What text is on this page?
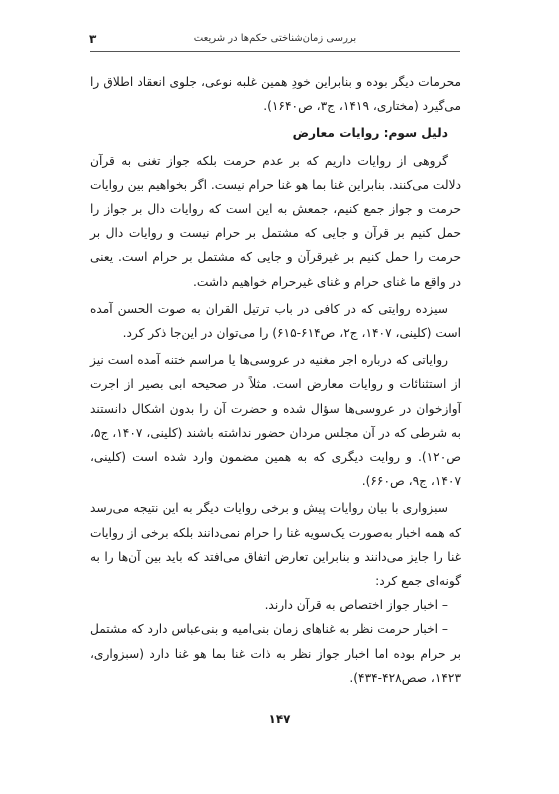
۳	بررسی زمان‌شناختی حکم‌ها در شریعت

محرمات دیگر بوده و بنابراین خودِ همین غلبه نوعی، جلوی انعقاد اطلاق را می‌گیرد (مختاری، ۱۴۱۹، ج۳، ص۱۶۴۰).

دلیل سوم: روایات معارض

گروهی از روایات داریم که بر عدم حرمت بلکه جواز تغنی به قرآن دلالت می‌کنند. بنابراین غنا بما هو غنا حرام نیست. اگر بخواهیم بین روایات حرمت و جواز جمع کنیم، جمعش به این است که روایات دال بر جواز را حمل کنیم بر قرآن و جایی که مشتمل بر حرام نیست و روایات دال بر حرمت را حمل کنیم بر غیرقرآن و جایی که مشتمل بر حرام است. یعنی در واقع ما غنای حرام و غنای غیرحرام خواهیم داشت.

سیزده روایتی که در کافی در باب ترتیل القران به صوت الحسن آمده است (کلینی، ۱۴۰۷، ج۲، ص۶۱۴-۶۱۵) را می‌توان در این‌جا ذکر کرد.

روایاتی که درباره اجر مغنیه در عروسی‌ها یا مراسم ختنه آمده است نیز از استثنائات و روایات معارض است. مثلاً در صحیحه ابی بصیر از اجرت آوازخوان در عروسی‌ها سؤال شده و حضرت آن را بدون اشکال دانستند به شرطی که در آن مجلس مردان حضور نداشته باشند (کلینی، ۱۴۰۷، ج۵، ص۱۲۰). و روایت دیگری که به همین مضمون وارد شده است (کلینی، ۱۴۰۷، ج۹، ص۶۶۰).

سبزواری با بیان روایات پیش و برخی روایات دیگر به این نتیجه می‌رسد که همه اخبار به‌صورت یک‌سویه غنا را حرام نمی‌دانند بلکه برخی از روایات غنا را جایز می‌دانند و بنابراین تعارض اتفاق می‌افتد که باید بین آن‌ها را به گونه‌ای جمع کرد:

– اخبار جواز اختصاص به قرآن دارند.

– اخبار حرمت نظر به غناهای زمان بنی‌امیه و بنی‌عباس دارد که مشتمل بر حرام بوده اما اخبار جواز نظر به ذات غنا بما هو غنا دارد (سبزواری، ۱۴۲۳، صص۴۲۸-۴۳۴).

۱۴۷
